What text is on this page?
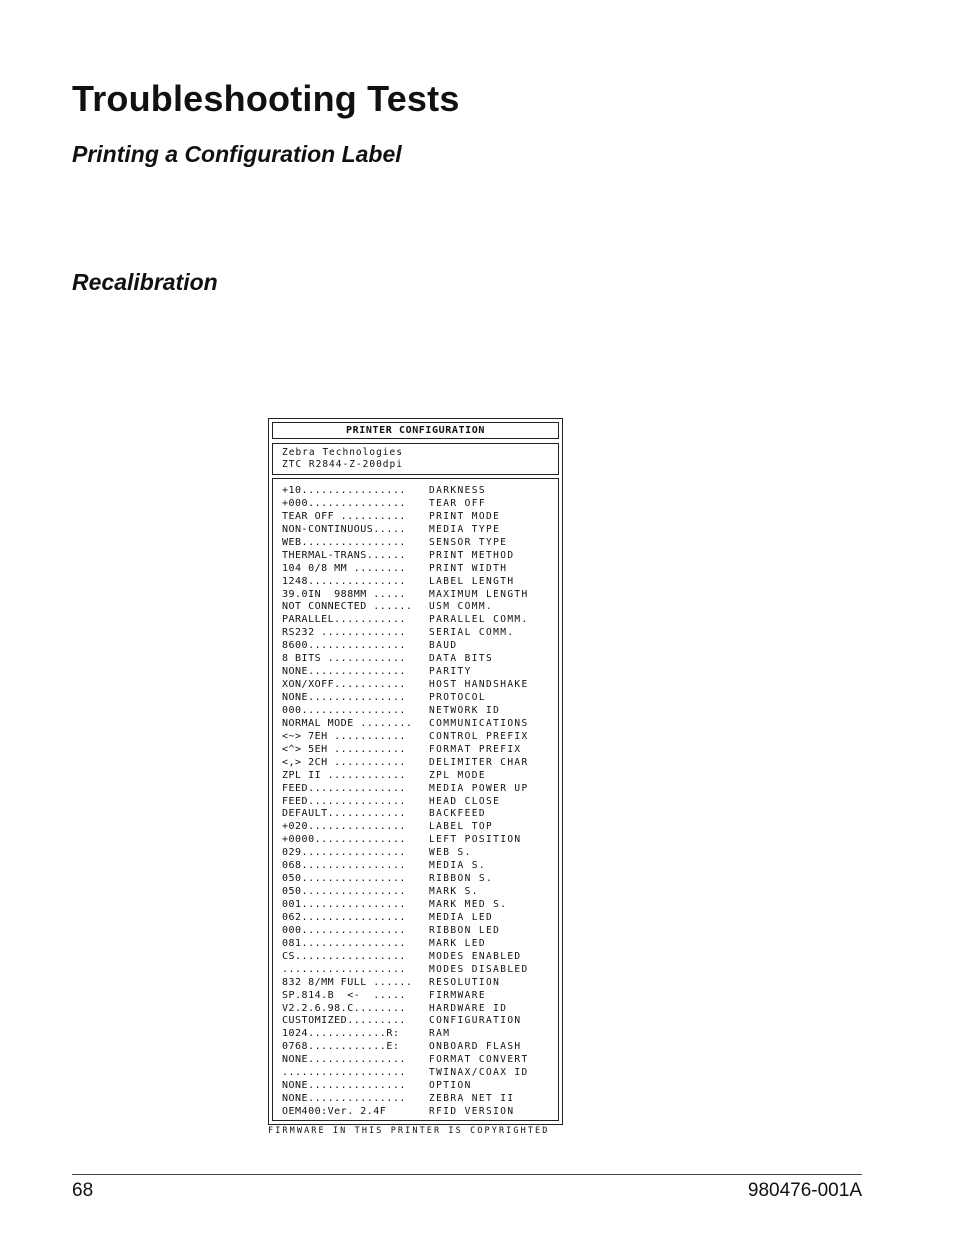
Troubleshooting Tests
Printing a Configuration Label
Recalibration
PRINTER CONFIGURATION
Zebra Technologies
ZTC R2844-Z-200dpi
+10................	DARKNESS
+000...............	TEAR OFF
TEAR OFF ..........	PRINT MODE
NON-CONTINUOUS.....	MEDIA TYPE
WEB................	SENSOR TYPE
THERMAL-TRANS......	PRINT METHOD
104 0/8 MM ........	PRINT WIDTH
1248...............	LABEL LENGTH
39.0IN  988MM .....	MAXIMUM LENGTH
NOT CONNECTED ......	USM COMM.
PARALLEL...........	PARALLEL COMM.
RS232 .............	SERIAL COMM.
8600...............	BAUD
8 BITS ............	DATA BITS
NONE...............	PARITY
XON/XOFF...........	HOST HANDSHAKE
NONE...............	PROTOCOL
000................	NETWORK ID
NORMAL MODE ........	COMMUNICATIONS
<~> 7EH ...........	CONTROL PREFIX
<^> 5EH ...........	FORMAT PREFIX
<,> 2CH ...........	DELIMITER CHAR
ZPL II ............	ZPL MODE
FEED...............	MEDIA POWER UP
FEED...............	HEAD CLOSE
DEFAULT............	BACKFEED
+020...............	LABEL TOP
+0000..............	LEFT POSITION
029................	WEB S.
068................	MEDIA S.
050................	RIBBON S.
050................	MARK S.
001................	MARK MED S.
062................	MEDIA LED
000................	RIBBON LED
081................	MARK LED
CS.................	MODES ENABLED
...................	MODES DISABLED
832 8/MM FULL ......	RESOLUTION
SP.814.B  <-  .....	FIRMWARE
V2.2.6.98.C........	HARDWARE ID
CUSTOMIZED.........	CONFIGURATION
1024............R:	RAM
0768............E:	ONBOARD FLASH
NONE...............	FORMAT CONVERT
...................	TWINAX/COAX ID
NONE...............	OPTION
NONE...............	ZEBRA NET II
OEM400:Ver. 2.4F	RFID VERSION
FIRMWARE IN THIS PRINTER IS COPYRIGHTED
68	980476-001A
